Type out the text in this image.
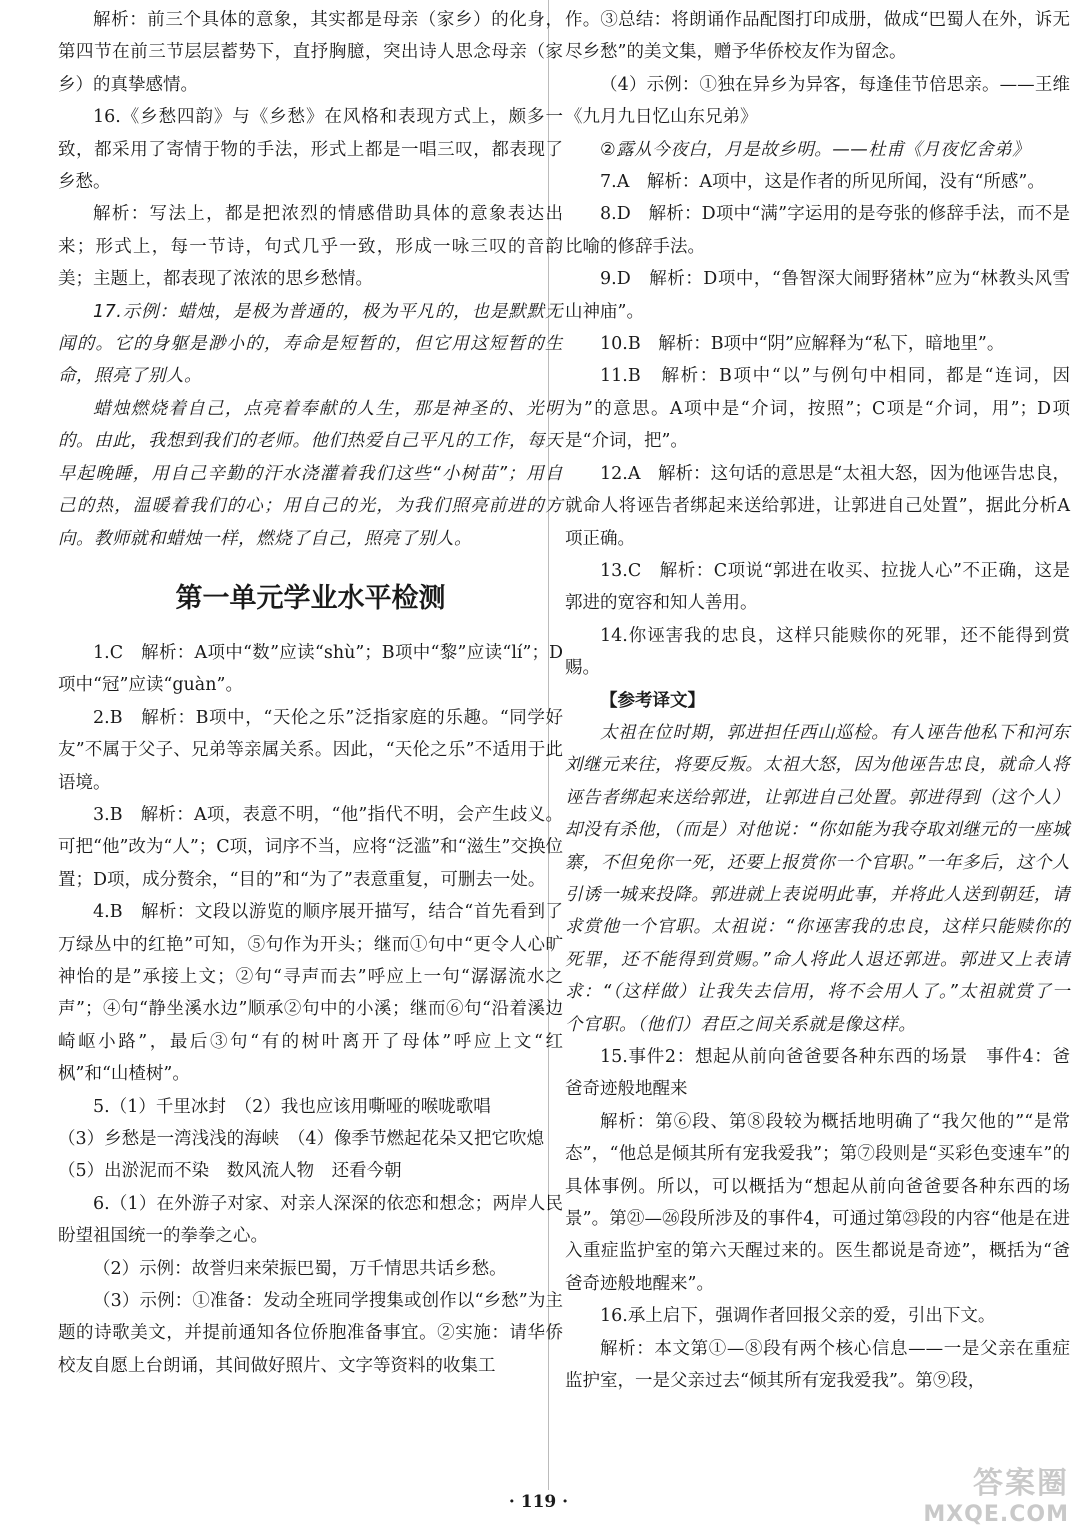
解析：前三个具体的意象，其实都是母亲（家乡）的化身，第四节在前三节层层蓄势下，直抒胸臆，突出诗人思念母亲（家乡）的真挚感情。

16.《乡愁四韵》与《乡愁》在风格和表现方式上，颇多一致，都采用了寄情于物的手法，形式上都是一唱三叹，都表现了乡愁。

解析：写法上，都是把浓烈的情感借助具体的意象表达出来；形式上，每一节诗，句式几乎一致，形成一咏三叹的音韵美；主题上，都表现了浓浓的思乡愁情。

17.示例：蜡烛，是极为普通的，极为平凡的，也是默默无闻的。它的身躯是渺小的，寿命是短暂的，但它用这短暂的生命，照亮了别人。

蜡烛燃烧着自己，点亮着奉献的人生，那是神圣的、光明的。由此，我想到我们的老师。他们热爱自己平凡的工作，每天早起晚睡，用自己辛勤的汗水浇灌着我们这些“小树苗”；用自己的热，温暖着我们的心；用自己的光，为我们照亮前进的方向。教师就和蜡烛一样，燃烧了自己，照亮了别人。

第一单元学业水平检测

1.C　解析：A项中“数”应读“shù”；B项中“黎”应读“lí”；D项中“冠”应读“guàn”。

2.B　解析：B项中，“天伦之乐”泛指家庭的乐趣。“同学好友”不属于父子、兄弟等亲属关系。因此，“天伦之乐”不适用于此语境。

3.B　解析：A项，表意不明，“他”指代不明，会产生歧义。可把“他”改为“人”；C项，词序不当，应将“泛滥”和“滋生”交换位置；D项，成分赘余，“目的”和“为了”表意重复，可删去一处。

4.B　解析：文段以游览的顺序展开描写，结合“首先看到了万绿丛中的红艳”可知，⑤句作为开头；继而①句中“更令人心旷神怡的是”承接上文；②句“寻声而去”呼应上一句“潺潺流水之声”；④句“静坐溪水边”顺承②句中的小溪；继而⑥句“沿着溪边崎岖小路”，最后③句“有的树叶离开了母体”呼应上文“红枫”和“山楂树”。

5.（1）千里冰封　（2）我也应该用嘶哑的喉咙歌唱

（3）乡愁是一湾浅浅的海峡　（4）像季节燃起花朵又把它吹熄

（5）出淤泥而不染　数风流人物　还看今朝

6.（1）在外游子对家、对亲人深深的依恋和想念；两岸人民盼望祖国统一的拳拳之心。

（2）示例：故誉归来荣振巴蜀，万千情思共话乡愁。

（3）示例：①准备：发动全班同学搜集或创作以“乡愁”为主题的诗歌美文，并提前通知各位侨胞准备事宜。②实施：请华侨校友自愿上台朗诵，其间做好照片、文字等资料的收集工

作。③总结：将朗诵作品配图打印成册，做成“巴蜀人在外，诉无尽乡愁”的美文集，赠予华侨校友作为留念。

（4）示例：①独在异乡为异客，每逢佳节倍思亲。——王维《九月九日忆山东兄弟》

②露从今夜白，月是故乡明。——杜甫《月夜忆舍弟》

7.A　解析：A项中，这是作者的所见所闻，没有“所感”。

8.D　解析：D项中“满”字运用的是夸张的修辞手法，而不是比喻的修辞手法。

9.D　解析：D项中，“鲁智深大闹野猪林”应为“林教头风雪山神庙”。

10.B　解析：B项中“阴”应解释为“私下，暗地里”。

11.B　解析：B项中“以”与例句中相同，都是“连词，因为”的意思。A项中是“介词，按照”；C项是“介词，用”；D项是“介词，把”。

12.A　解析：这句话的意思是“太祖大怒，因为他诬告忠良，就命人将诬告者绑起来送给郭进，让郭进自己处置”，据此分析A项正确。

13.C　解析：C项说“郭进在收买、拉拢人心”不正确，这是郭进的宽容和知人善用。

14.你诬害我的忠良，这样只能赎你的死罪，还不能得到赏赐。

【参考译文】

太祖在位时期，郭进担任西山巡检。有人诬告他私下和河东刘继元来往，将要反叛。太祖大怒，因为他诬告忠良，就命人将诬告者绑起来送给郭进，让郭进自己处置。郭进得到（这个人）却没有杀他，（而是）对他说：“你如能为我夺取刘继元的一座城寨，不但免你一死，还要上报赏你一个官职。”一年多后，这个人引诱一城来投降。郭进就上表说明此事，并将此人送到朝廷，请求赏他一个官职。太祖说：“你诬害我的忠良，这样只能赎你的死罪，还不能得到赏赐。”命人将此人退还郭进。郭进又上表请求：“（这样做）让我失去信用，将不会用人了。”太祖就赏了一个官职。（他们）君臣之间关系就是像这样。

15.事件2：想起从前向爸爸要各种东西的场景　事件4：爸爸奇迹般地醒来

解析：第⑥段、第⑧段较为概括地明确了“我欠他的”“是常态”，“他总是倾其所有宠我爱我”；第⑦段则是“买彩色变速车”的具体事例。所以，可以概括为“想起从前向爸爸要各种东西的场景”。第㉑—㉖段所涉及的事件4，可通过第㉓段的内容“他是在进入重症监护室的第六天醒过来的。医生都说是奇迹”，概括为“爸爸奇迹般地醒来”。

16.承上启下，强调作者回报父亲的爱，引出下文。

解析：本文第①—⑧段有两个核心信息——一是父亲在重症监护室，一是父亲过去“倾其所有宠我爱我”。第⑨段，

· 119 ·
答案圈
MXQE.COM
